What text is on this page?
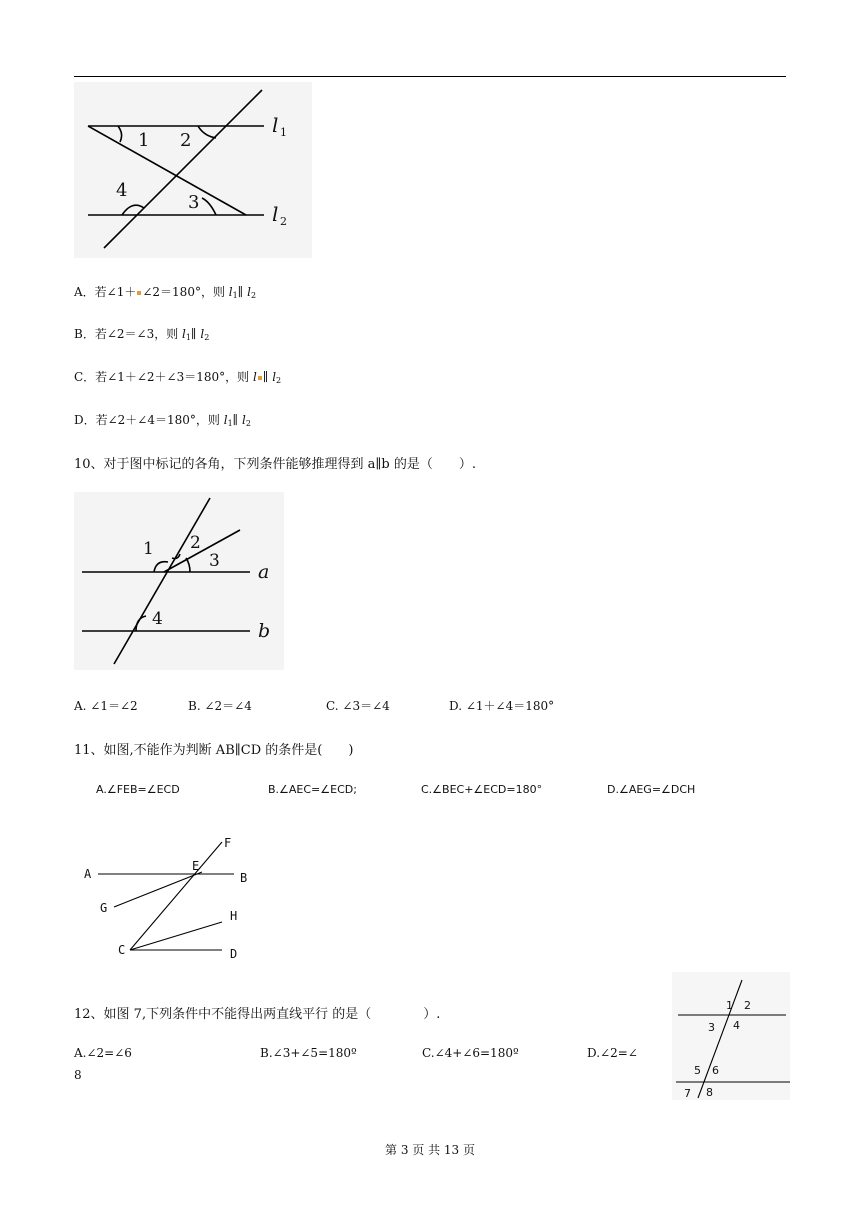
1 2
3
4
l 1
l 2
A．若∠1＋ ∠2＝180°，则 $l_1\parallel$ $l_2$
B．若∠2＝∠3，则 $l_1\parallel$ $l_2$
C．若∠1＋∠2＋∠3＝180°，则 l ∥ $l_2$
D．若∠2＋∠4＝180°，则 $l_1\parallel$ $l_2$
10、对于图中标记的各角，下列条件能够推理得到 a∥b 的是（　　）.
1 2
3
4
a
b
A. ∠1＝∠2	B. ∠2＝∠4	C. ∠3＝∠4	D. ∠1＋∠4＝180°
11、如图,不能作为判断 AB∥CD 的条件是(　　)
A.∠FEB=∠ECD	B.∠AEC=∠ECD;	C.∠BEC+∠ECD=180°	D.∠AEG=∠DCH
A	B
C	D
E
F
G
H
12、如图 7,下列条件中不能得出两直线平行 的是（　　　　）.
A.∠2=∠6	B.∠3+∠5=180º	C.∠4+∠6=180º	D.∠2=∠
8
1 2
3 4
5 6
7 8
第 3 页 共 13 页
